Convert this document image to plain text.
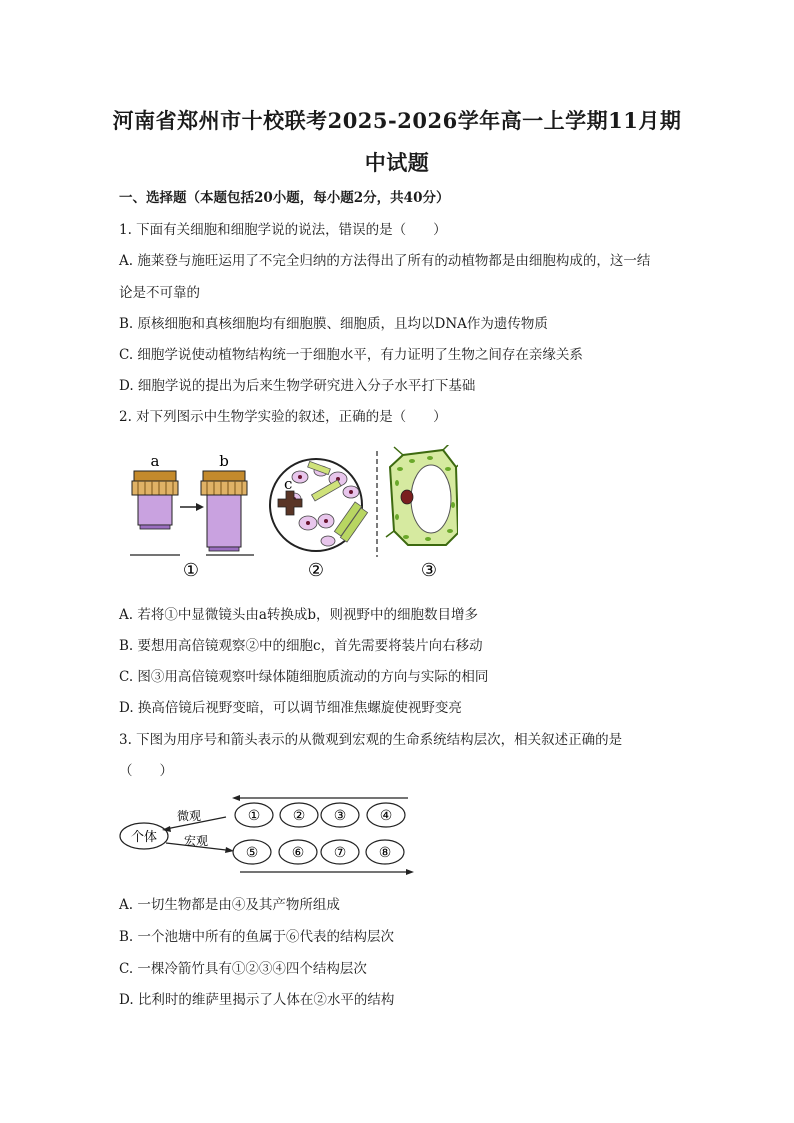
河南省郑州市十校联考2025-2026学年高一上学期11月期
中试题
一、选择题（本题包括20小题，每小题2分，共40分）
1. 下面有关细胞和细胞学说的说法，错误的是（　　）
A. 施莱登与施旺运用了不完全归纳的方法得出了所有的动植物都是由细胞构成的，这一结
论是不可靠的
B. 原核细胞和真核细胞均有细胞膜、细胞质，且均以DNA作为遗传物质
C. 细胞学说使动植物结构统一于细胞水平，有力证明了生物之间存在亲缘关系
D. 细胞学说的提出为后来生物学研究进入分子水平打下基础
2. 对下列图示中生物学实验的叙述，正确的是（　　）
a	b
①
c
②	③
A. 若将①中显微镜头由a转换成b，则视野中的细胞数目增多
B. 要想用高倍镜观察②中的细胞c，首先需要将装片向右移动
C. 图③用高倍镜观察叶绿体随细胞质流动的方向与实际的相同
D. 换高倍镜后视野变暗，可以调节细准焦螺旋使视野变亮
3. 下图为用序号和箭头表示的从微观到宏观的生命系统结构层次，相关叙述正确的是
（　　）
个体
微观
宏观
① ② ③ ④
⑤ ⑥ ⑦ ⑧
A. 一切生物都是由④及其产物所组成
B. 一个池塘中所有的鱼属于⑥代表的结构层次
C. 一棵冷箭竹具有①②③④四个结构层次
D. 比利时的维萨里揭示了人体在②水平的结构
